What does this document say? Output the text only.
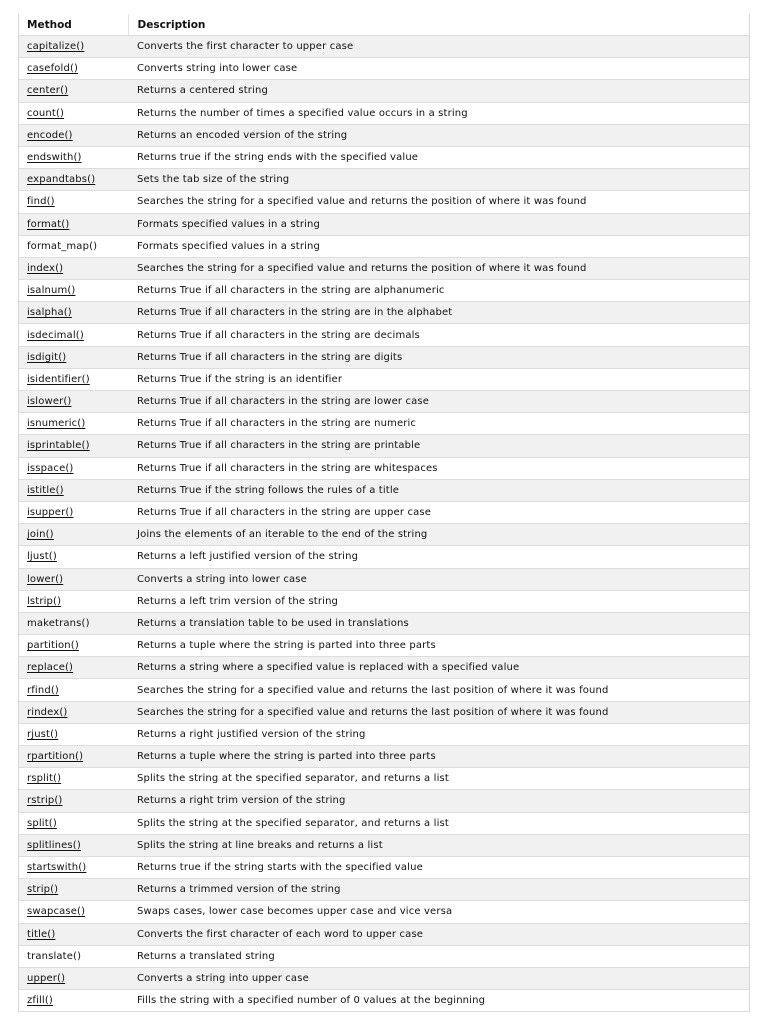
Method	Description
capitalize()	Converts the first character to upper case
casefold()	Converts string into lower case
center()	Returns a centered string
count()	Returns the number of times a specified value occurs in a string
encode()	Returns an encoded version of the string
endswith()	Returns true if the string ends with the specified value
expandtabs()	Sets the tab size of the string
find()	Searches the string for a specified value and returns the position of where it was found
format()	Formats specified values in a string
format_map()	Formats specified values in a string
index()	Searches the string for a specified value and returns the position of where it was found
isalnum()	Returns True if all characters in the string are alphanumeric
isalpha()	Returns True if all characters in the string are in the alphabet
isdecimal()	Returns True if all characters in the string are decimals
isdigit()	Returns True if all characters in the string are digits
isidentifier()	Returns True if the string is an identifier
islower()	Returns True if all characters in the string are lower case
isnumeric()	Returns True if all characters in the string are numeric
isprintable()	Returns True if all characters in the string are printable
isspace()	Returns True if all characters in the string are whitespaces
istitle()	Returns True if the string follows the rules of a title
isupper()	Returns True if all characters in the string are upper case
join()	Joins the elements of an iterable to the end of the string
ljust()	Returns a left justified version of the string
lower()	Converts a string into lower case
lstrip()	Returns a left trim version of the string
maketrans()	Returns a translation table to be used in translations
partition()	Returns a tuple where the string is parted into three parts
replace()	Returns a string where a specified value is replaced with a specified value
rfind()	Searches the string for a specified value and returns the last position of where it was found
rindex()	Searches the string for a specified value and returns the last position of where it was found
rjust()	Returns a right justified version of the string
rpartition()	Returns a tuple where the string is parted into three parts
rsplit()	Splits the string at the specified separator, and returns a list
rstrip()	Returns a right trim version of the string
split()	Splits the string at the specified separator, and returns a list
splitlines()	Splits the string at line breaks and returns a list
startswith()	Returns true if the string starts with the specified value
strip()	Returns a trimmed version of the string
swapcase()	Swaps cases, lower case becomes upper case and vice versa
title()	Converts the first character of each word to upper case
translate()	Returns a translated string
upper()	Converts a string into upper case
zfill()	Fills the string with a specified number of 0 values at the beginning
